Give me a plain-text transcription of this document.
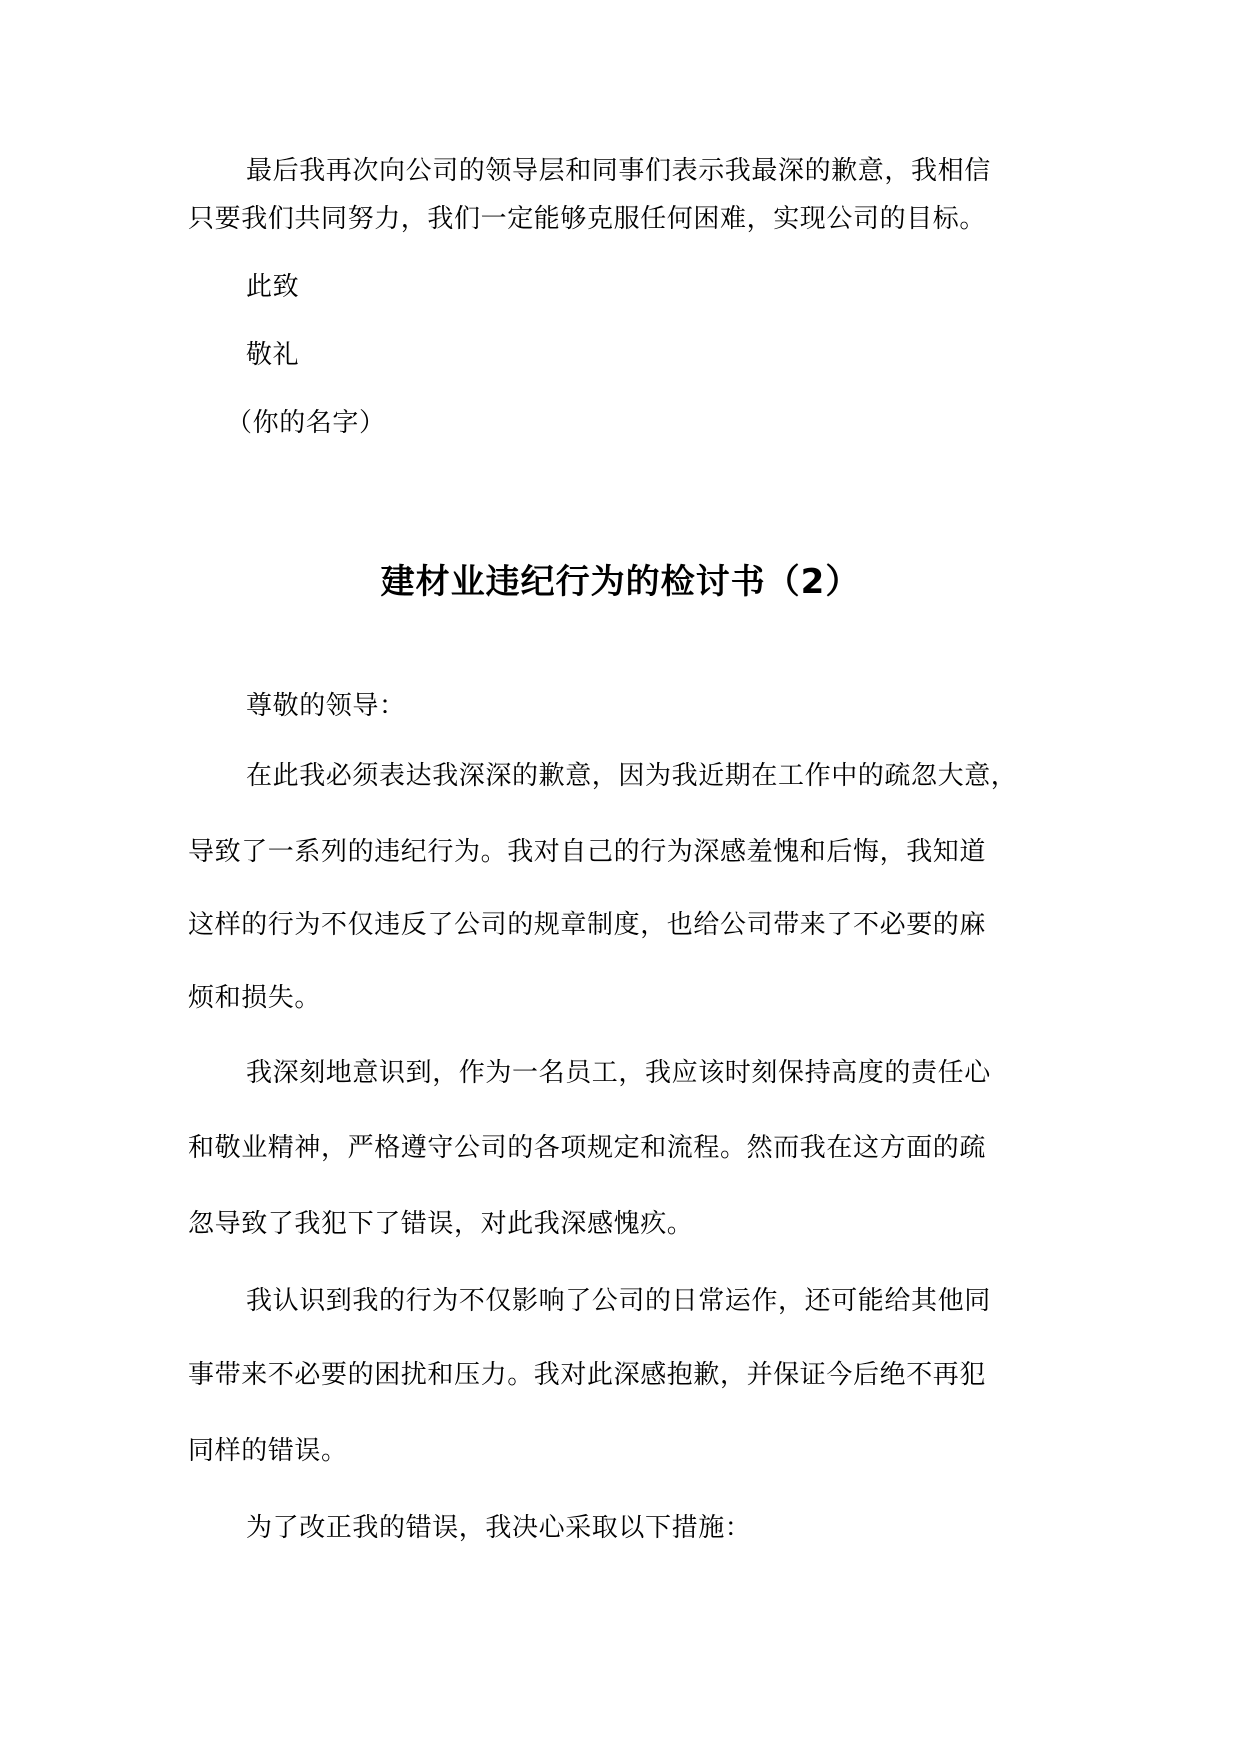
最后我再次向公司的领导层和同事们表示我最深的歉意，我相信
只要我们共同努力，我们一定能够克服任何困难，实现公司的目标。
此致
敬礼
（你的名字）
建材业违纪行为的检讨书（2）
尊敬的领导：
在此我必须表达我深深的歉意，因为我近期在工作中的疏忽大意，
导致了一系列的违纪行为。我对自己的行为深感羞愧和后悔，我知道
这样的行为不仅违反了公司的规章制度，也给公司带来了不必要的麻
烦和损失。
我深刻地意识到，作为一名员工，我应该时刻保持高度的责任心
和敬业精神，严格遵守公司的各项规定和流程。然而我在这方面的疏
忽导致了我犯下了错误，对此我深感愧疚。
我认识到我的行为不仅影响了公司的日常运作，还可能给其他同
事带来不必要的困扰和压力。我对此深感抱歉，并保证今后绝不再犯
同样的错误。
为了改正我的错误，我决心采取以下措施：
